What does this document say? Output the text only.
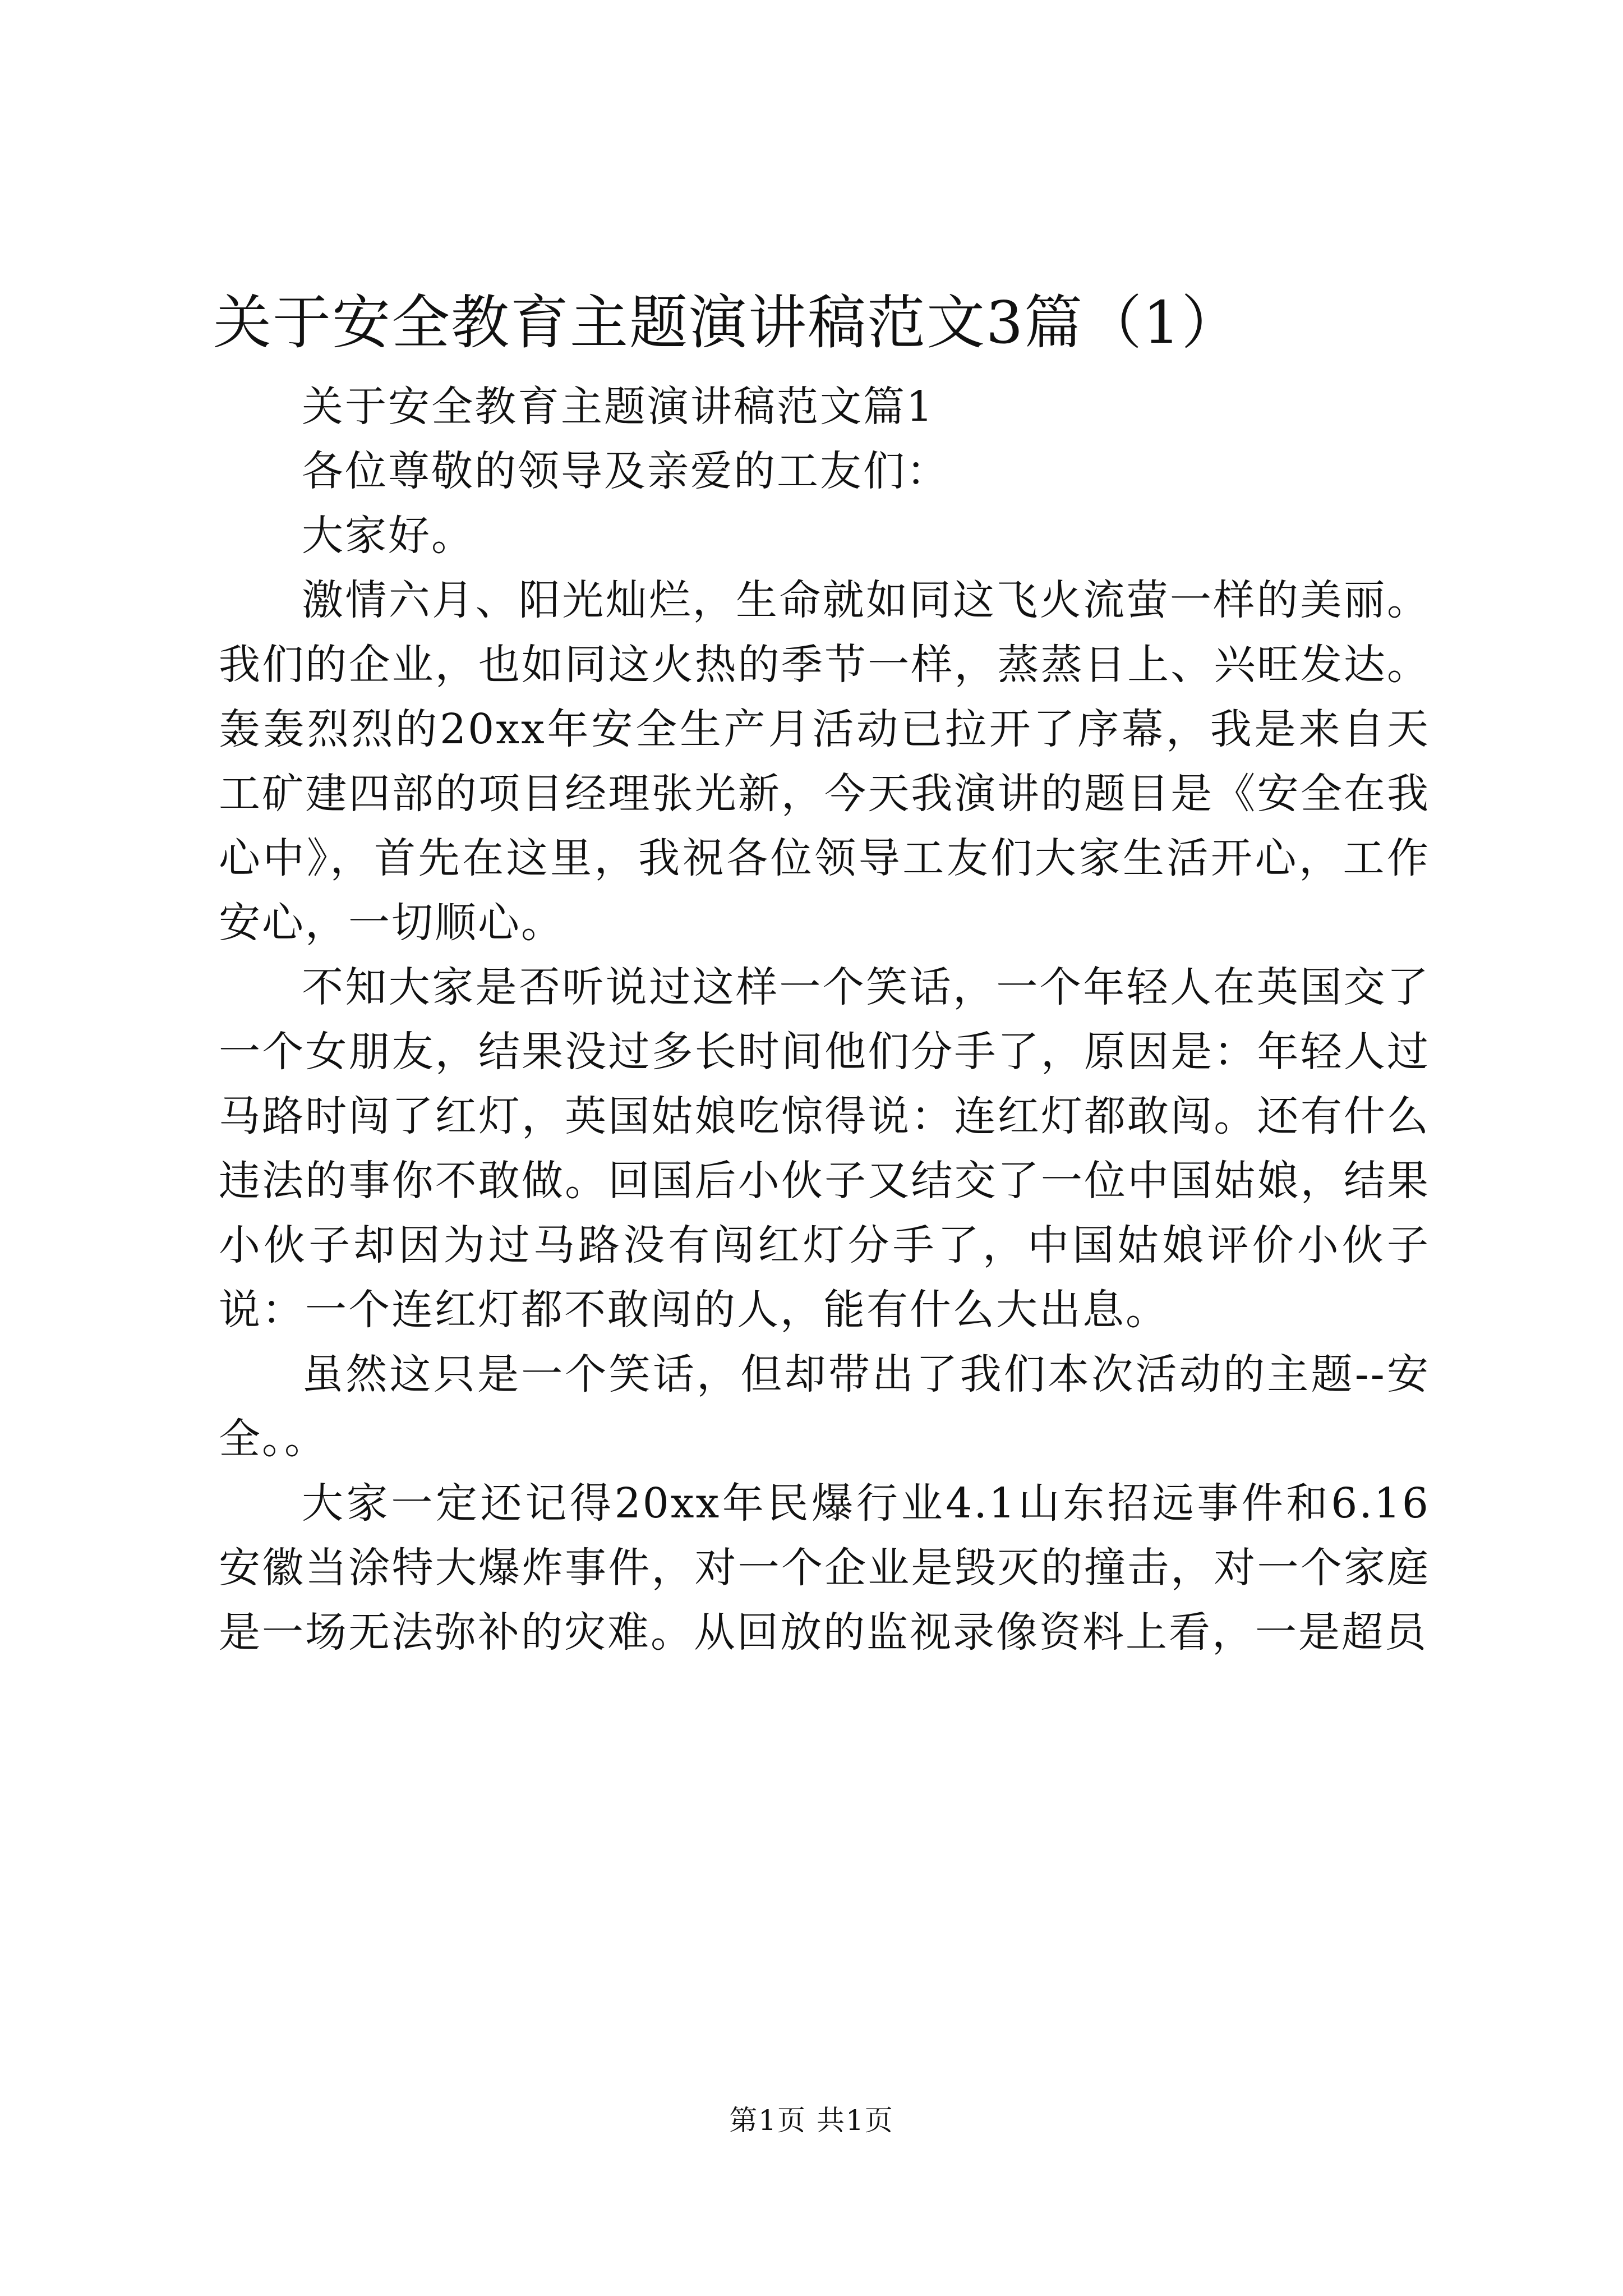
关于安全教育主题演讲稿范文3篇（1）

关于安全教育主题演讲稿范文篇1

各位尊敬的领导及亲爱的工友们：

大家好。

激情六月、阳光灿烂，生命就如同这飞火流萤一样的美丽。我们的企业，也如同这火热的季节一样，蒸蒸日上、兴旺发达。轰轰烈烈的20xx年安全生产月活动已拉开了序幕，我是来自天工矿建四部的项目经理张光新，今天我演讲的题目是《安全在我心中》，首先在这里，我祝各位领导工友们大家生活开心，工作安心，一切顺心。

不知大家是否听说过这样一个笑话，一个年轻人在英国交了一个女朋友，结果没过多长时间他们分手了，原因是：年轻人过马路时闯了红灯，英国姑娘吃惊得说：连红灯都敢闯。还有什么违法的事你不敢做。回国后小伙子又结交了一位中国姑娘，结果小伙子却因为过马路没有闯红灯分手了，中国姑娘评价小伙子说：一个连红灯都不敢闯的人，能有什么大出息。

虽然这只是一个笑话，但却带出了我们本次活动的主题--安全。。

大家一定还记得20xx年民爆行业4.1山东招远事件和6.16安徽当涂特大爆炸事件，对一个企业是毁灭的撞击，对一个家庭是一场无法弥补的灾难。从回放的监视录像资料上看，一是超员

第1页 共1页
